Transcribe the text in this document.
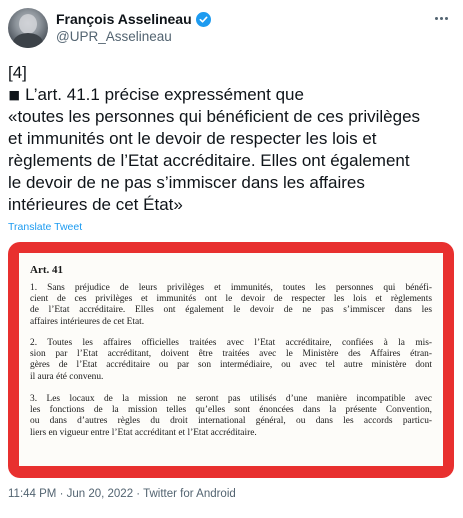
François Asselineau
@UPR_Asselineau
[4]
◾ L’art. 41.1 précise expressément que
«toutes les personnes qui bénéficient de ces privilèges
et immunités ont le devoir de respecter les lois et
règlements de l’Etat accréditaire. Elles ont également
le devoir de ne pas s’immiscer dans les affaires
intérieures de cet État»
Translate Tweet
Art. 41
1. Sans préjudice de leurs privilèges et immunités, toutes les personnes qui bénéfi-
cient de ces privilèges et immunités ont le devoir de respecter les lois et règlements
de l’Etat accréditaire. Elles ont également le devoir de ne pas s’immiscer dans les
affaires intérieures de cet Etat.
2. Toutes les affaires officielles traitées avec l’Etat accréditaire, confiées à la mis-
sion par l’Etat accréditant, doivent être traitées avec le Ministère des Affaires étran-
gères de l’Etat accréditaire ou par son intermédiaire, ou avec tel autre ministère dont
il aura été convenu.
3. Les locaux de la mission ne seront pas utilisés d’une manière incompatible avec
les fonctions de la mission telles qu’elles sont énoncées dans la présente Convention,
ou dans d’autres règles du droit international général, ou dans les accords particu-
liers en vigueur entre l’Etat accréditant et l’Etat accréditaire.
11:44 PM · Jun 20, 2022 · Twitter for Android
